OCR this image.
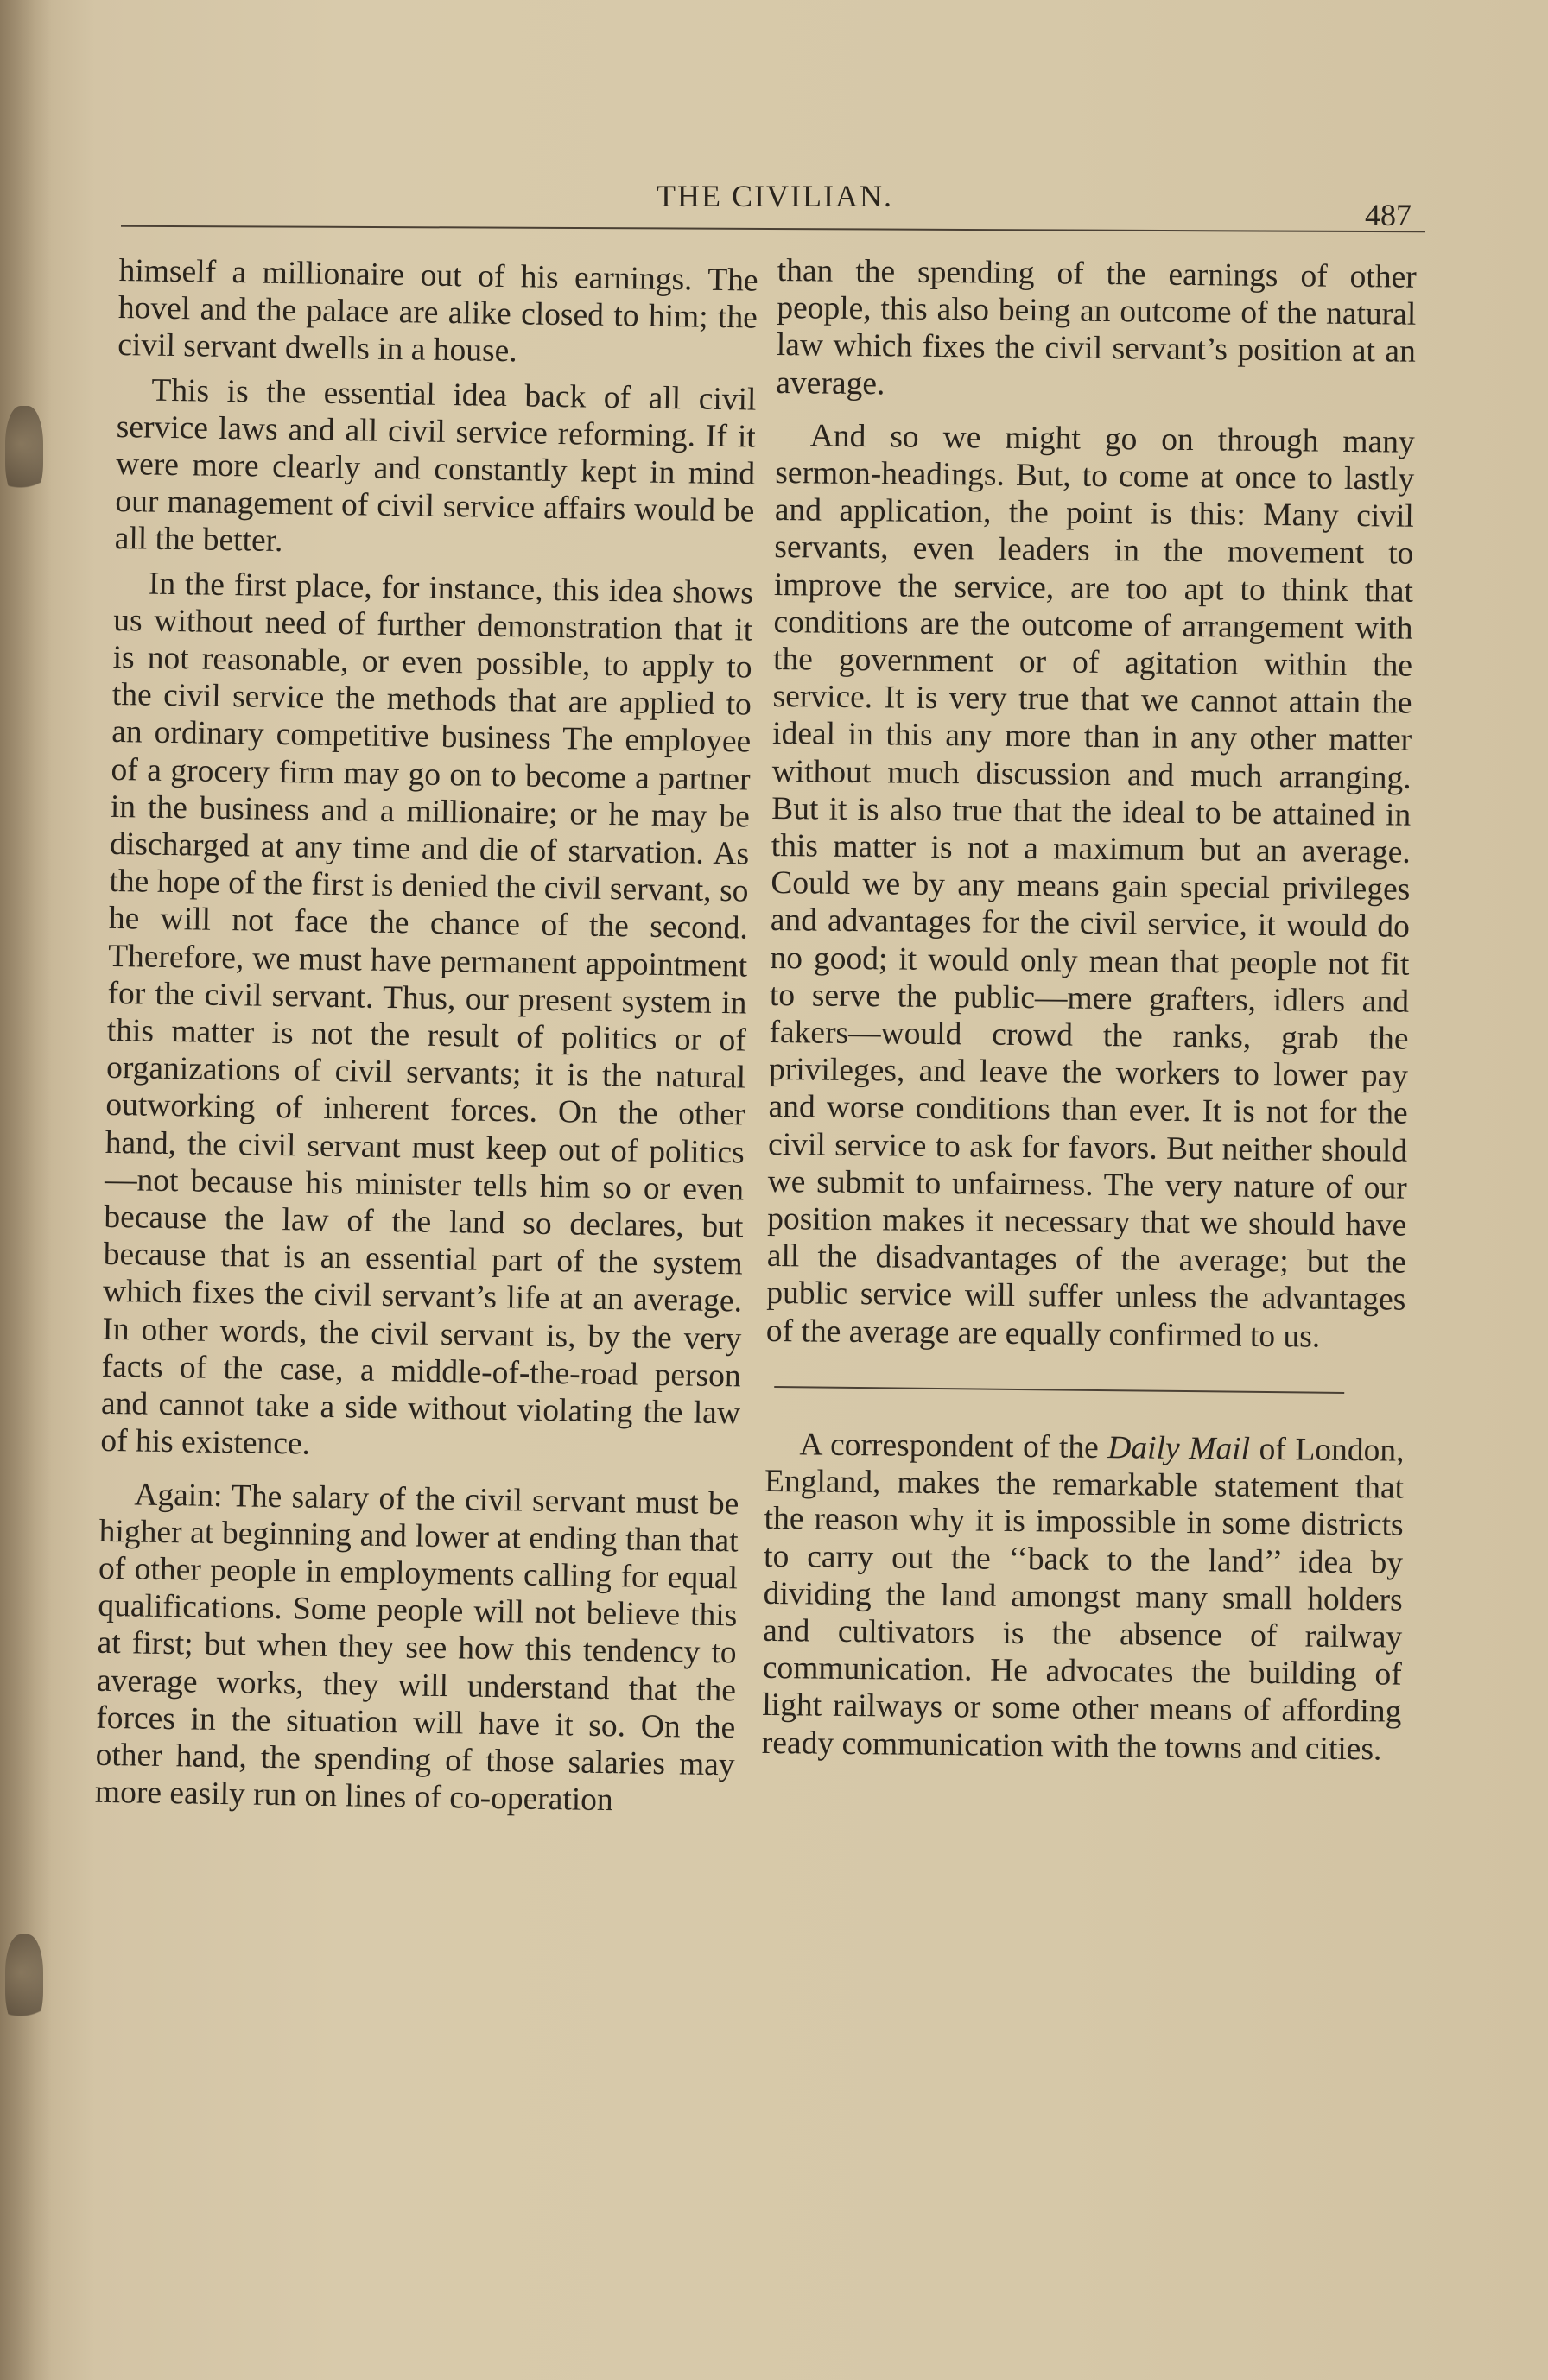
THE CIVILIAN.
487

himself a millionaire out of his earnings. The hovel and the palace are alike closed to him; the civil servant dwells in a house.

This is the essential idea back of all civil service laws and all civil service reforming. If it were more clearly and constantly kept in mind our management of civil service affairs would be all the better.

In the first place, for instance, this idea shows us without need of further demonstration that it is not reasonable, or even possible, to apply to the civil service the methods that are applied to an ordinary competitive business The employee of a grocery firm may go on to become a partner in the business and a millionaire; or he may be discharged at any time and die of starvation. As the hope of the first is denied the civil servant, so he will not face the chance of the second. Therefore, we must have permanent appointment for the civil servant. Thus, our present system in this matter is not the result of politics or of organizations of civil servants; it is the natural outworking of inherent forces. On the other hand, the civil servant must keep out of politics—not because his minister tells him so or even because the law of the land so declares, but because that is an essential part of the system which fixes the civil servant’s life at an average. In other words, the civil servant is, by the very facts of the case, a middle-of-the-road person and cannot take a side without violating the law of his existence.

Again: The salary of the civil servant must be higher at beginning and lower at ending than that of other people in employments calling for equal qualifications. Some people will not believe this at first; but when they see how this tendency to average works, they will understand that the forces in the situation will have it so. On the other hand, the spending of those salaries may more easily run on lines of co-operation

than the spending of the earnings of other people, this also being an outcome of the natural law which fixes the civil servant’s position at an average.

And so we might go on through many sermon-headings. But, to come at once to lastly and application, the point is this: Many civil servants, even leaders in the movement to improve the service, are too apt to think that conditions are the outcome of arrangement with the government or of agitation within the service. It is very true that we cannot attain the ideal in this any more than in any other matter without much discussion and much arranging. But it is also true that the ideal to be attained in this matter is not a maximum but an average. Could we by any means gain special privileges and advantages for the civil service, it would do no good; it would only mean that people not fit to serve the public—mere grafters, idlers and fakers—would crowd the ranks, grab the privileges, and leave the workers to lower pay and worse conditions than ever. It is not for the civil service to ask for favors. But neither should we submit to unfairness. The very nature of our position makes it necessary that we should have all the disadvantages of the average; but the public service will suffer unless the advantages of the average are equally confirmed to us.

A correspondent of the Daily Mail of London, England, makes the remarkable statement that the reason why it is impossible in some districts to carry out the ‘‘back to the land’’ idea by dividing the land amongst many small holders and cultivators is the absence of railway communication. He advocates the building of light railways or some other means of affording ready communication with the towns and cities.
